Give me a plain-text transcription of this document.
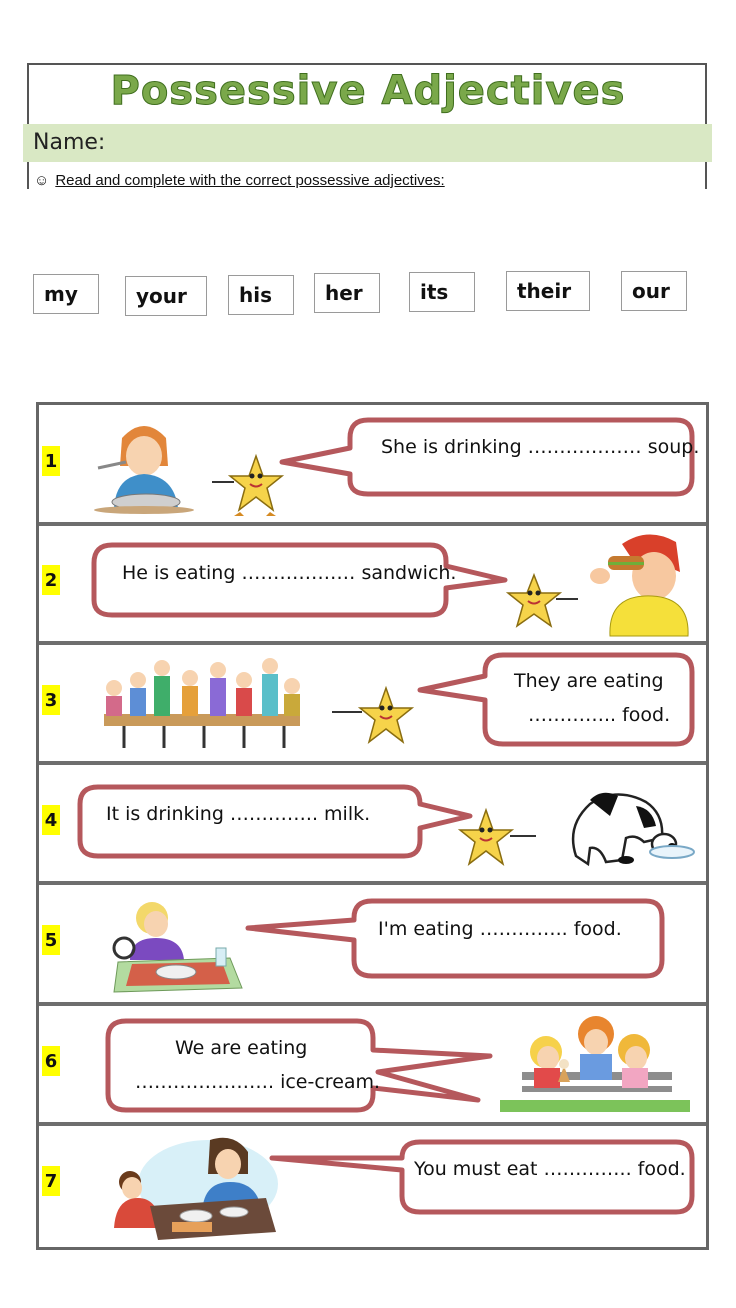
Possessive Adjectives
Name:
☺ Read and complete with the correct possessive adjectives:
my	your	his	her	its	their	our
1
2
3
4
5
6
7
She is drinking ……………… soup.
He is eating ……………… sandwich.
They are eating
………….. food.
It is drinking ………….. milk.
I'm eating ………….. food.
We are eating
…………………. ice-cream.
You must eat ………….. food.
